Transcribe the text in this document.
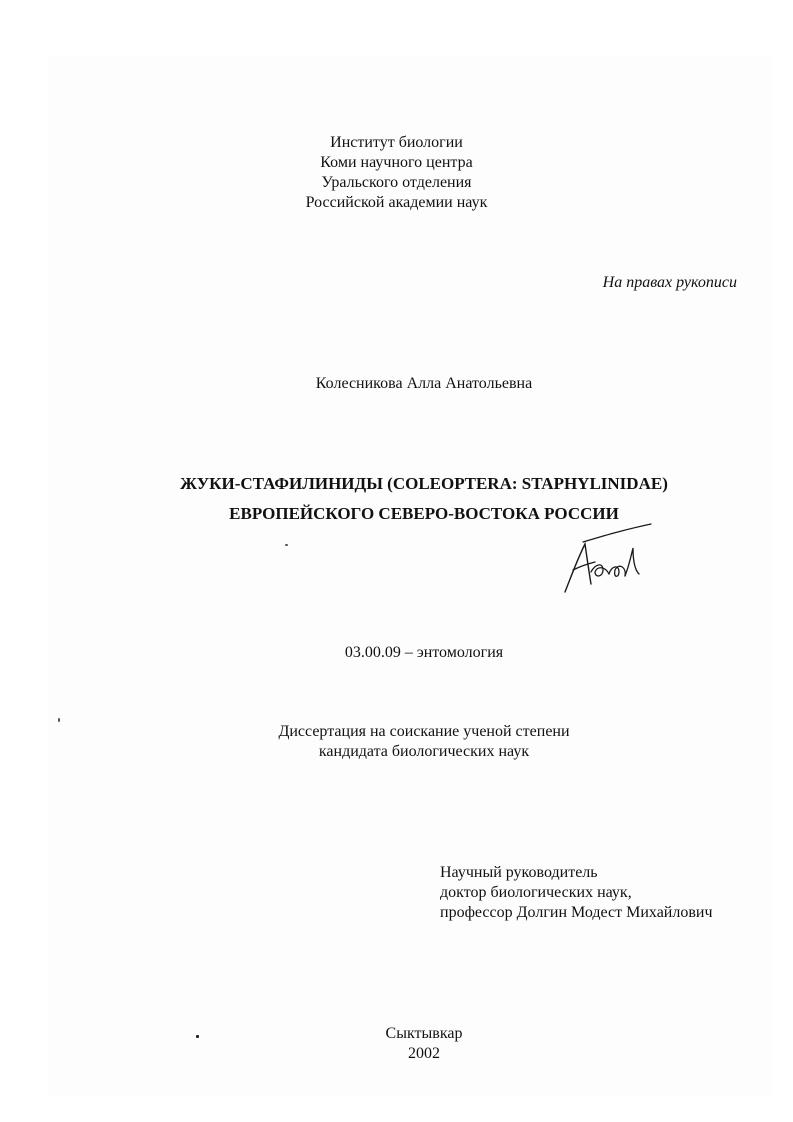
Институт биологии
Коми научного центра
Уральского отделения
Российской академии наук
На правах рукописи
Колесникова Алла Анатольевна
ЖУКИ-СТАФИЛИНИДЫ (COLEOPTERA: STAPHYLINIDAE)
ЕВРОПЕЙСКОГО СЕВЕРО-ВОСТОКА РОССИИ
03.00.09 – энтомология
Диссертация на соискание ученой степени
кандидата биологических наук
Научный руководитель
доктор биологических наук,
профессор Долгин Модест Михайлович
Сыктывкар
2002
